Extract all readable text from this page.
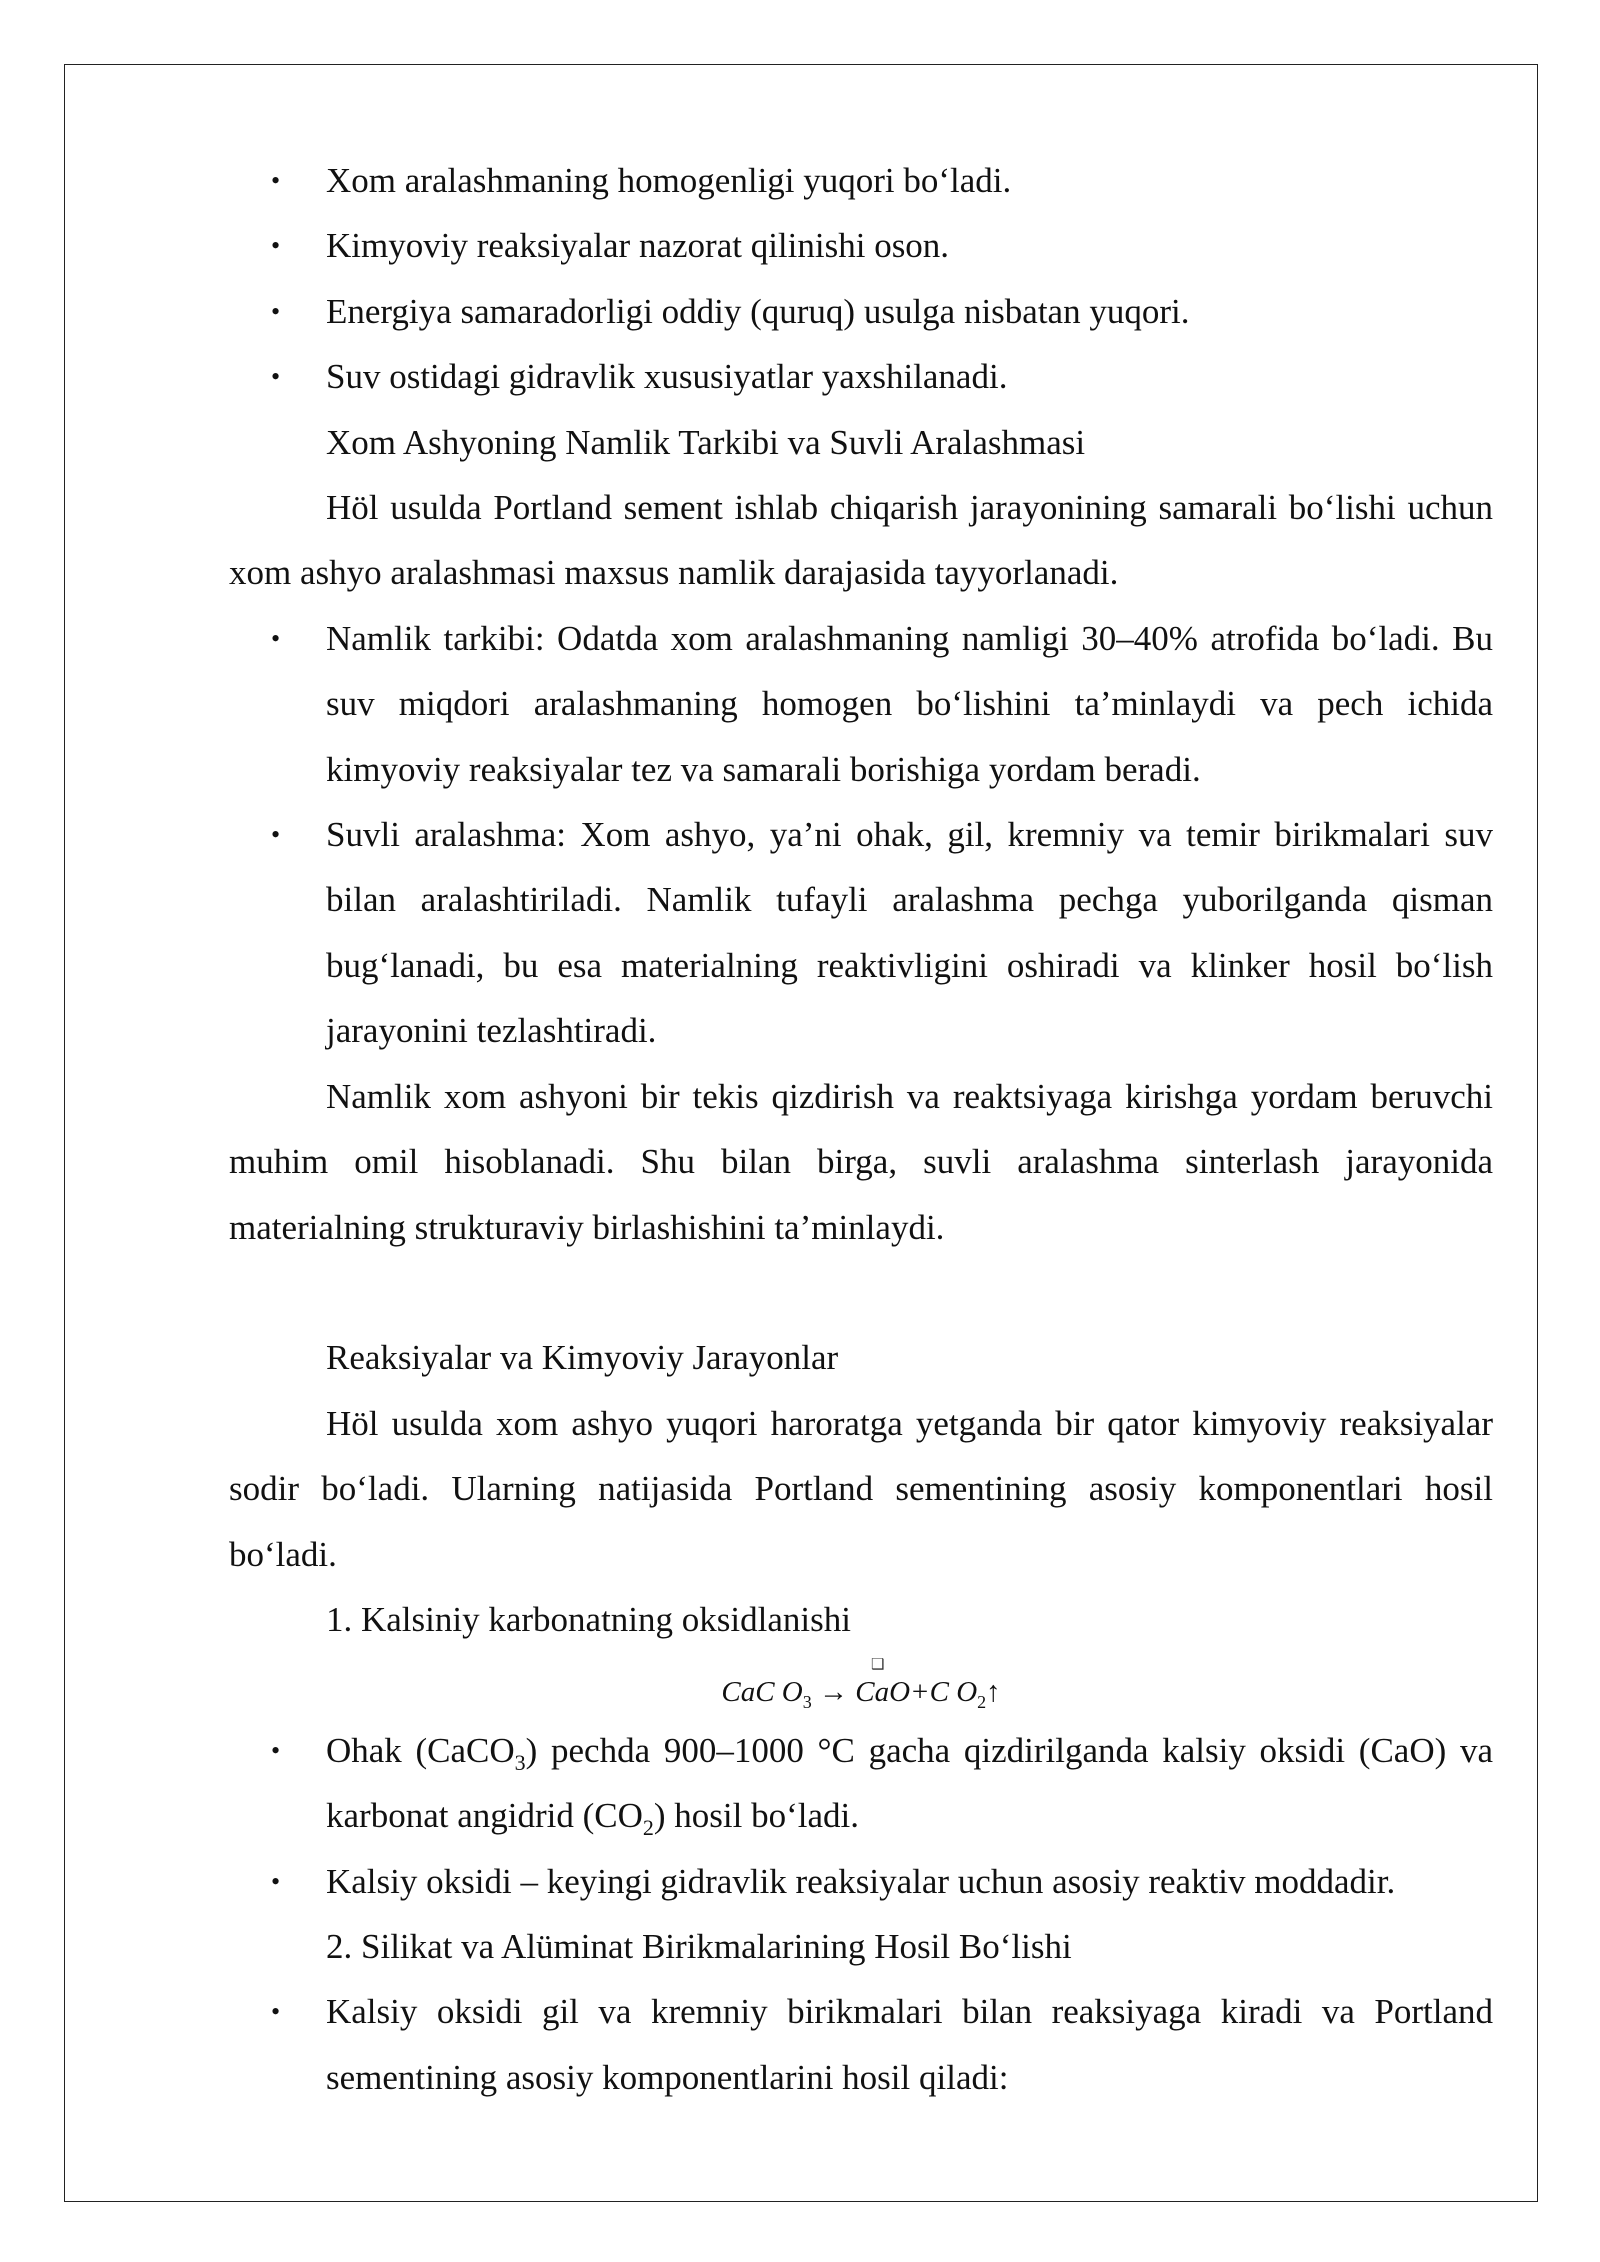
• Xom aralashmaning homogenligi yuqori bo‘ladi.

• Kimyoviy reaksiyalar nazorat qilinishi oson.

• Energiya samaradorligi oddiy (quruq) usulga nisbatan yuqori.

• Suv ostidagi gidravlik xususiyatlar yaxshilanadi.

Xom Ashyoning Namlik Tarkibi va Suvli Aralashmasi

Höl usulda Portland sement ishlab chiqarish jarayonining samarali bo‘lishi uchun xom ashyo aralashmasi maxsus namlik darajasida tayyorlanadi.

• Namlik tarkibi: Odatda xom aralashmaning namligi 30–40% atrofida bo‘ladi. Bu suv miqdori aralashmaning homogen bo‘lishini ta’minlaydi va pech ichida kimyoviy reaksiyalar tez va samarali borishiga yordam beradi.

• Suvli aralashma: Xom ashyo, ya’ni ohak, gil, kremniy va temir birikmalari suv bilan aralashtiriladi. Namlik tufayli aralashma pechga yuborilganda qisman bug‘lanadi, bu esa materialning reaktivligini oshiradi va klinker hosil bo‘lish jarayonini tezlashtiradi.

Namlik xom ashyoni bir tekis qizdirish va reaktsiyaga kirishga yordam beruvchi muhim omil hisoblanadi. Shu bilan birga, suvli aralashma sinterlash jarayonida materialning strukturaviy birlashishini ta’minlaydi.

Reaksiyalar va Kimyoviy Jarayonlar

Höl usulda xom ashyo yuqori haroratga yetganda bir qator kimyoviy reaksiyalar sodir bo‘ladi. Ularning natijasida Portland sementining asosiy komponentlari hosil bo‘ladi.

1. Kalsiniy karbonatning oksidlanishi

❑
CaC $O_3 \to CaO+C$ $O_2↑$

• Ohak (CaCO$_3$) pechda 900–1000 °C gacha qizdirilganda kalsiy oksidi (CaO) va karbonat angidrid $(CO_2)$ hosil bo‘ladi.

• Kalsiy oksidi – keyingi gidravlik reaksiyalar uchun asosiy reaktiv moddadir.

2. Silikat va Alüminat Birikmalarining Hosil Bo‘lishi

• Kalsiy oksidi gil va kremniy birikmalari bilan reaksiyaga kiradi va Portland sementining asosiy komponentlarini hosil qiladi:
